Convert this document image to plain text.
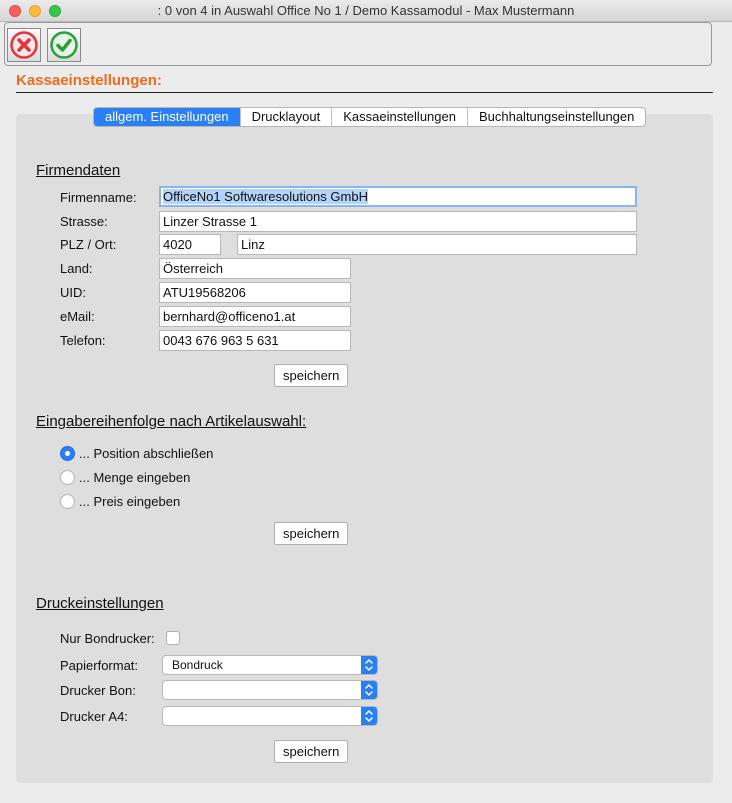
: 0 von 4 in Auswahl Office No 1 / Demo Kassamodul - Max Mustermann
Kassaeinstellungen:
allgem. Einstellungen	Drucklayout	Kassaeinstellungen	Buchhaltungseinstellungen
Firmendaten
Firmenname:	OfficeNo1 Softwaresolutions GmbH
Strasse:	Linzer Strasse 1
PLZ / Ort:	4020	Linz
Land:	Österreich
UID:	ATU19568206
eMail:	bernhard@officeno1.at
Telefon:	0043 676 963 5 631
speichern
Eingabereihenfolge nach Artikelauswahl:
... Position abschließen
... Menge eingeben
... Preis eingeben
speichern
Druckeinstellungen
Nur Bondrucker:
Papierformat:	Bondruck
Drucker Bon:
Drucker A4:
speichern
